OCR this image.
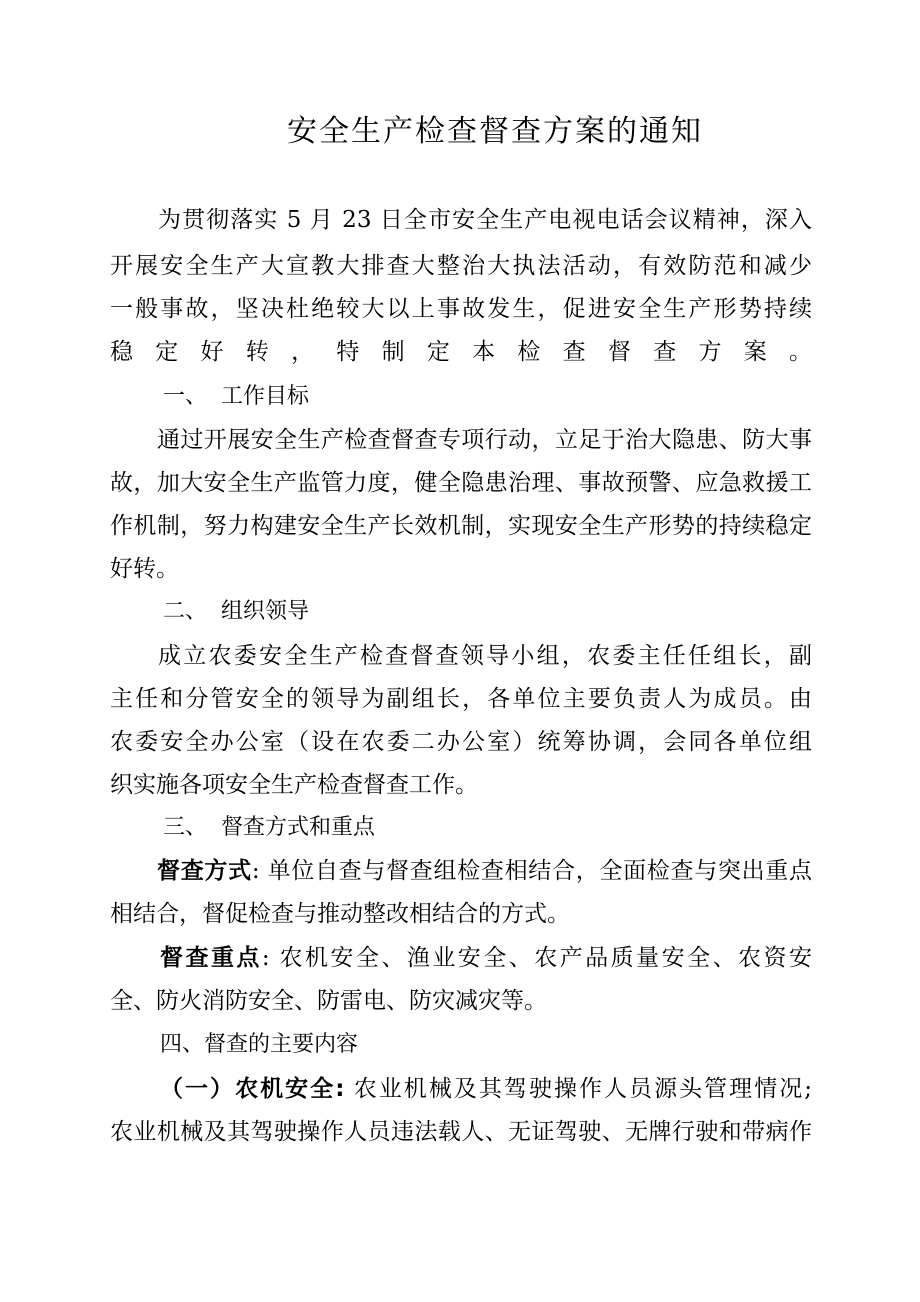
安全生产检查督查方案的通知
为贯彻落实 5 月 23 日全市安全生产电视电话会议精神，深入
开展安全生产大宣教大排查大整治大执法活动，有效防范和减少
一般事故，坚决杜绝较大以上事故发生，促进安全生产形势持续
稳定好转，特制定本检查督查方案。
一、  工作目标
通过开展安全生产检查督查专项行动，立足于治大隐患、防大事
故，加大安全生产监管力度，健全隐患治理、事故预警、应急救援工
作机制，努力构建安全生产长效机制，实现安全生产形势的持续稳定
好转。
二、  组织领导
成立农委安全生产检查督查领导小组，农委主任任组长，副
主任和分管安全的领导为副组长，各单位主要负责人为成员。由
农委安全办公室（设在农委二办公室）统筹协调，会同各单位组
织实施各项安全生产检查督查工作。
三、  督查方式和重点
督查方式: 单位自查与督查组检查相结合，全面检查与突出重点
相结合，督促检查与推动整改相结合的方式。
督查重点: 农机安全、渔业安全、农产品质量安全、农资安
全、防火消防安全、防雷电、防灾减灾等。
四、督查的主要内容
（一）农机安全: 农业机械及其驾驶操作人员源头管理情况;
农业机械及其驾驶操作人员违法载人、无证驾驶、无牌行驶和带病作
